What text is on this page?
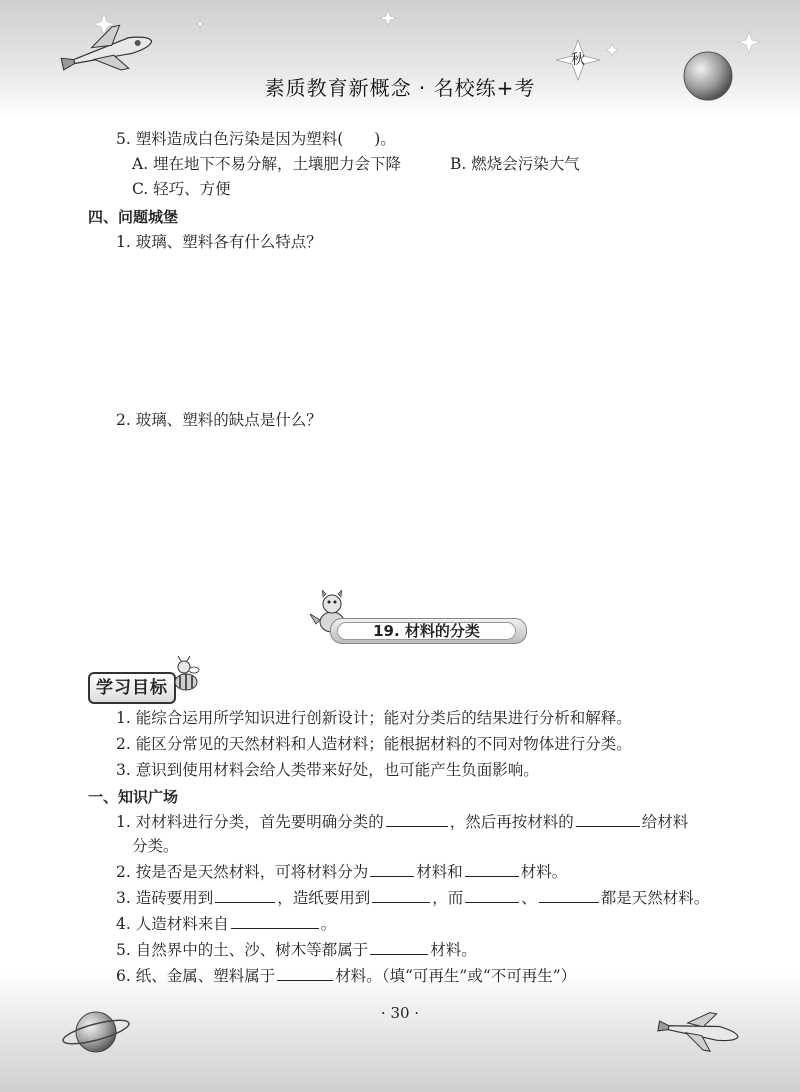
素质教育新概念 · 名校练+考
秋
5. 塑料造成白色污染是因为塑料(　　)。
A. 埋在地下不易分解，土壤肥力会下降	B. 燃烧会污染大气
C. 轻巧、方便
四、问题城堡
1. 玻璃、塑料各有什么特点？
2. 玻璃、塑料的缺点是什么？
19. 材料的分类
学习目标
1. 能综合运用所学知识进行创新设计；能对分类后的结果进行分析和解释。
2. 能区分常见的天然材料和人造材料；能根据材料的不同对物体进行分类。
3. 意识到使用材料会给人类带来好处，也可能产生负面影响。
一、知识广场
1. 对材料进行分类，首先要明确分类的	，然后再按材料的	给材料
分类。
2. 按是否是天然材料，可将材料分为	材料和	材料。
3. 造砖要用到	，造纸要用到	，而	、	都是天然材料。
4. 人造材料来自	。
5. 自然界中的土、沙、树木等都属于	材料。
6. 纸、金属、塑料属于	材料。（填“可再生”或“不可再生”）
· 30 ·
